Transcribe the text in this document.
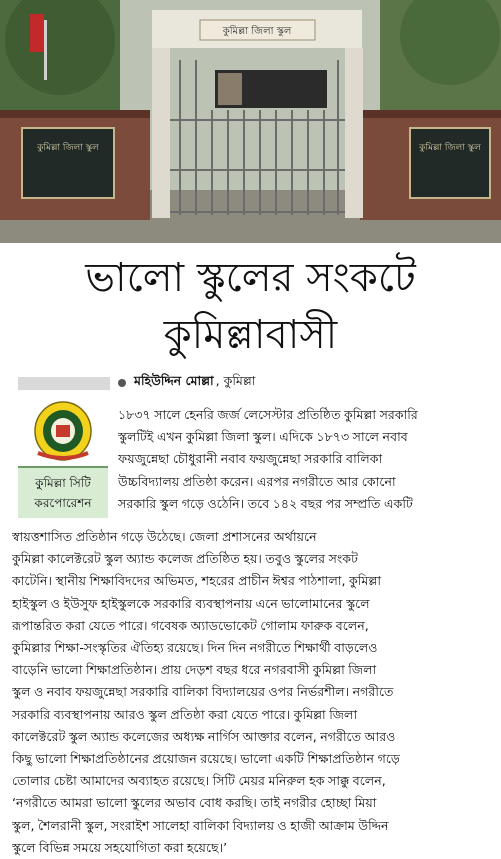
কুমিল্লা জিলা স্কুল
কুমিল্লা জিলা স্কুল	কুমিল্লা জিলা স্কুল
ভালো স্কুলের সংকটে
কুমিল্লাবাসী
মহিউদ্দিন মোল্লা , কুমিল্লা
কুমিল্লা সিটি
করপোরেশন
১৮৩৭ সালে হেনরি জর্জ লেসেস্টার প্রতিষ্ঠিত কুমিল্লা সরকারি
স্কুলটিই এখন কুমিল্লা জিলা স্কুল। এদিকে ১৮৭৩ সালে নবাব
ফয়জুন্নেছা চৌধুরানী নবাব ফয়জুন্নেছা সরকারি বালিকা
উচ্চবিদ্যালয় প্রতিষ্ঠা করেন। এরপর নগরীতে আর কোনো
সরকারি স্কুল গড়ে ওঠেনি। তবে ১৪২ বছর পর সম্প্রতি একটি
স্বায়ত্তশাসিত প্রতিষ্ঠান গড়ে উঠেছে। জেলা প্রশাসনের অর্থায়নে
কুমিল্লা কালেক্টরেট স্কুল অ্যান্ড কলেজ প্রতিষ্ঠিত হয়। তবুও স্কুলের সংকট
কাটেনি। স্থানীয় শিক্ষাবিদদের অভিমত, শহরের প্রাচীন ঈশ্বর পাঠশালা, কুমিল্লা
হাইস্কুল ও ইউসুফ হাইস্কুলকে সরকারি ব্যবস্থাপনায় এনে ভালোমানের স্কুলে
রূপান্তরিত করা যেতে পারে। গবেষক অ্যাডভোকেট গোলাম ফারুক বলেন,
কুমিল্লার শিক্ষা-সংস্কৃতির ঐতিহ্য রয়েছে। দিন দিন নগরীতে শিক্ষার্থী বাড়লেও
বাড়েনি ভালো শিক্ষাপ্রতিষ্ঠান। প্রায় দেড়শ বছর ধরে নগরবাসী কুমিল্লা জিলা
স্কুল ও নবাব ফয়জুন্নেছা সরকারি বালিকা বিদ্যালয়ের ওপর নির্ভরশীল। নগরীতে
সরকারি ব্যবস্থাপনায় আরও স্কুল প্রতিষ্ঠা করা যেতে পারে। কুমিল্লা জিলা
কালেক্টরেট স্কুল অ্যান্ড কলেজের অধ্যক্ষ নার্গিস আক্তার বলেন, নগরীতে আরও
কিছু ভালো শিক্ষাপ্রতিষ্ঠানের প্রয়োজন রয়েছে। ভালো একটি শিক্ষাপ্রতিষ্ঠান গড়ে
তোলার চেষ্টা আমাদের অব্যাহত রয়েছে। সিটি মেয়র মনিরুল হক সাক্কু বলেন,
‘নগরীতে আমরা ভালো স্কুলের অভাব বোধ করছি। তাই নগরীর হোচ্ছা মিয়া
স্কুল, শৈলরানী স্কুল, সংরাইশ সালেহা বালিকা বিদ্যালয় ও হাজী আক্রাম উদ্দিন
স্কুলে বিভিন্ন সময়ে সহযোগিতা করা হয়েছে।’
